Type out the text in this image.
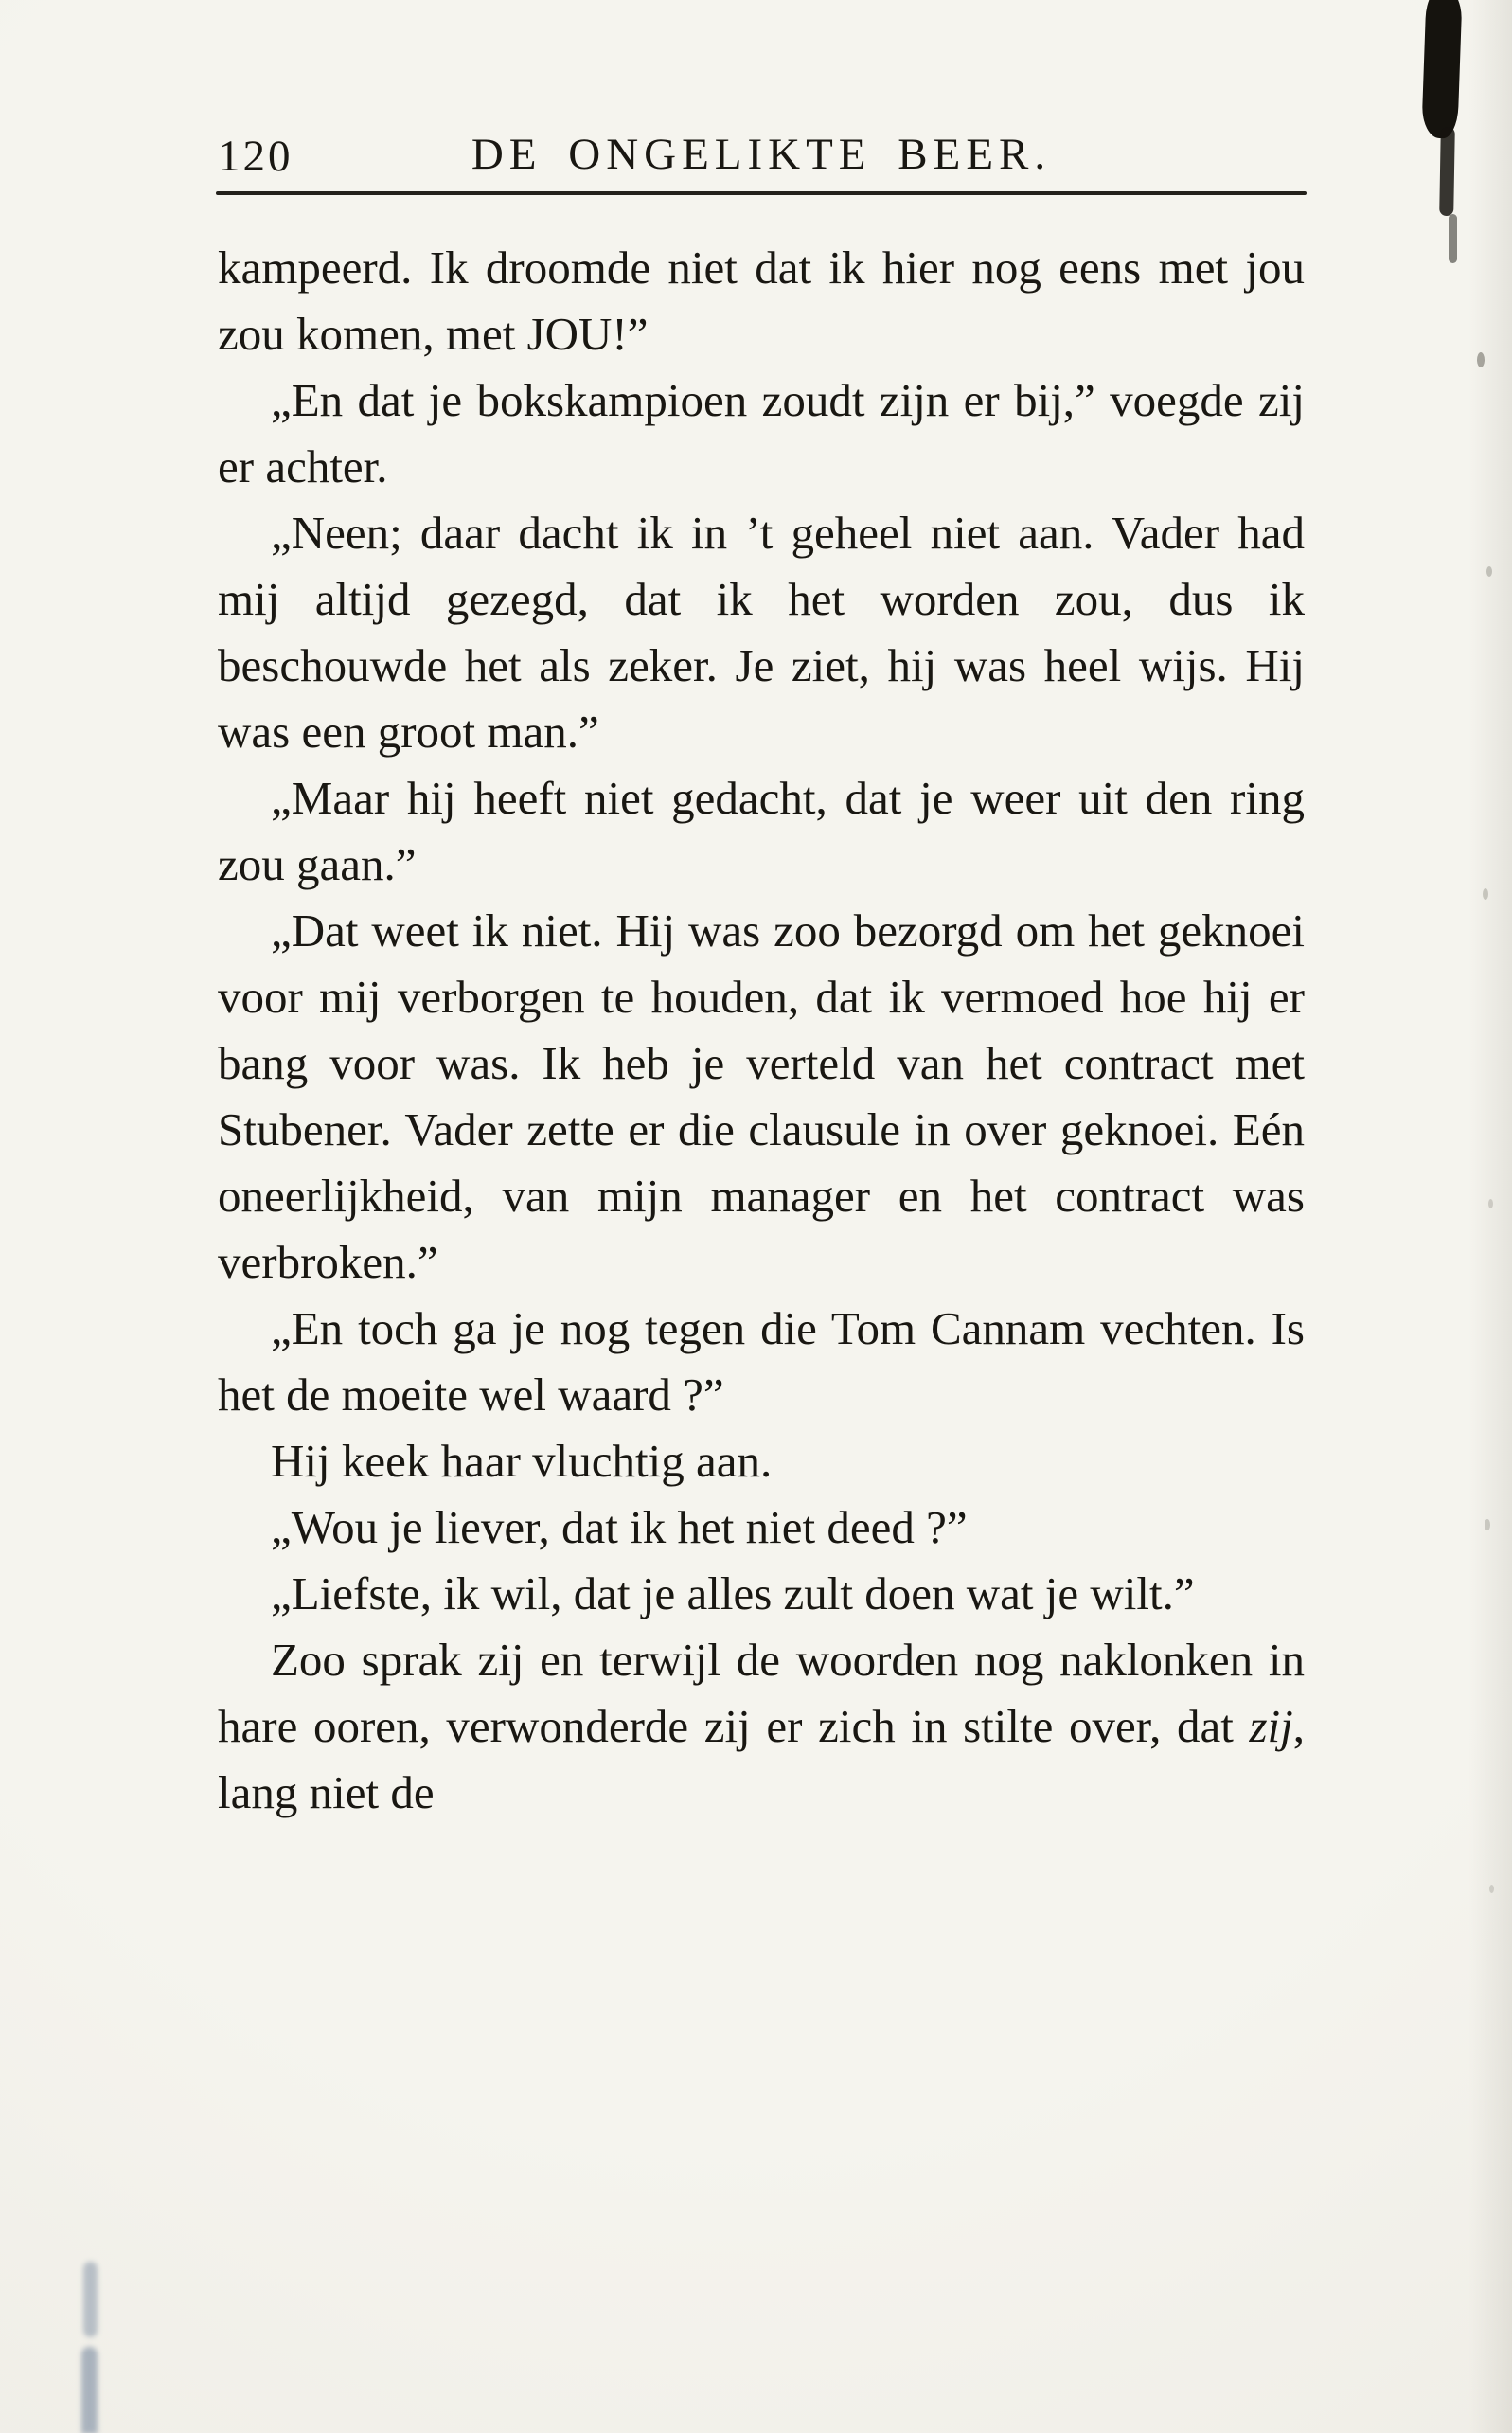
120	DE ONGELIKTE BEER.

kampeerd. Ik droomde niet dat ik hier nog eens met jou zou komen, met JOU!”

„En dat je bokskampioen zoudt zijn er bij,” voegde zij er achter.

„Neen; daar dacht ik in ’t geheel niet aan. Vader had mij altijd gezegd, dat ik het worden zou, dus ik beschouwde het als zeker. Je ziet, hij was heel wijs. Hij was een groot man.”

„Maar hij heeft niet gedacht, dat je weer uit den ring zou gaan.”

„Dat weet ik niet. Hij was zoo bezorgd om het geknoei voor mij verborgen te houden, dat ik vermoed hoe hij er bang voor was. Ik heb je verteld van het contract met Stubener. Vader zette er die clausule in over geknoei. Eén oneerlijkheid, van mijn manager en het contract was verbroken.”

„En toch ga je nog tegen die Tom Cannam vechten. Is het de moeite wel waard ?”

Hij keek haar vluchtig aan.

„Wou je liever, dat ik het niet deed ?”

„Liefste, ik wil, dat je alles zult doen wat je wilt.”

Zoo sprak zij en terwijl de woorden nog naklonken in hare ooren, verwonderde zij er zich in stilte over, dat zij, lang niet de
